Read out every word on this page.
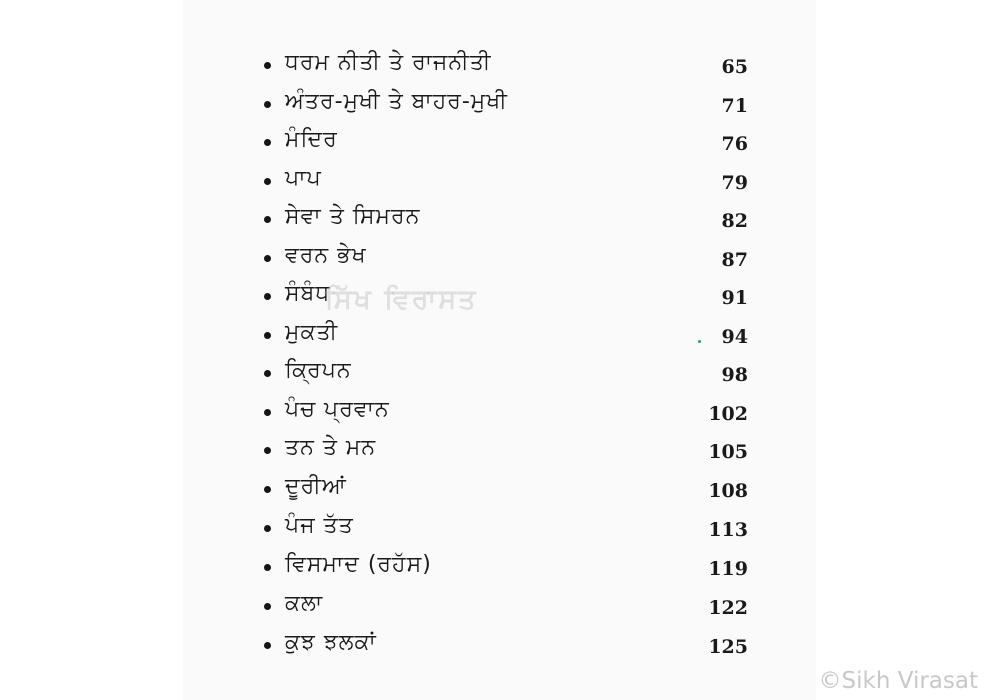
ਧਰਮ ਨੀਤੀ ਤੇ ਰਾਜਨੀਤੀ	65
ਅੰਤਰ-ਮੁਖੀ ਤੇ ਬਾਹਰ-ਮੁਖੀ	71
ਮੰਦਿਰ	76
ਪਾਪ	79
ਸੇਵਾ ਤੇ ਸਿਮਰਨ	82
ਵਰਨ ਭੇਖ	87
ਸੰਬੰਧ	91
ਮੁਕਤੀ	94
ਕ੍ਰਿਪਨ	98
ਪੰਚ ਪ੍ਰਵਾਨ	102
ਤਨ ਤੇ ਮਨ	105
ਦੂਰੀਆਂ	108
ਪੰਜ ਤੱਤ	113
ਵਿਸਮਾਦ (ਰਹੱਸ)	119
ਕਲਾ	122
ਕੁਝ ਝਲਕਾਂ	125
ਸਿੱਖ ਵਿਰਾਸਤ
©Sikh Virasat
